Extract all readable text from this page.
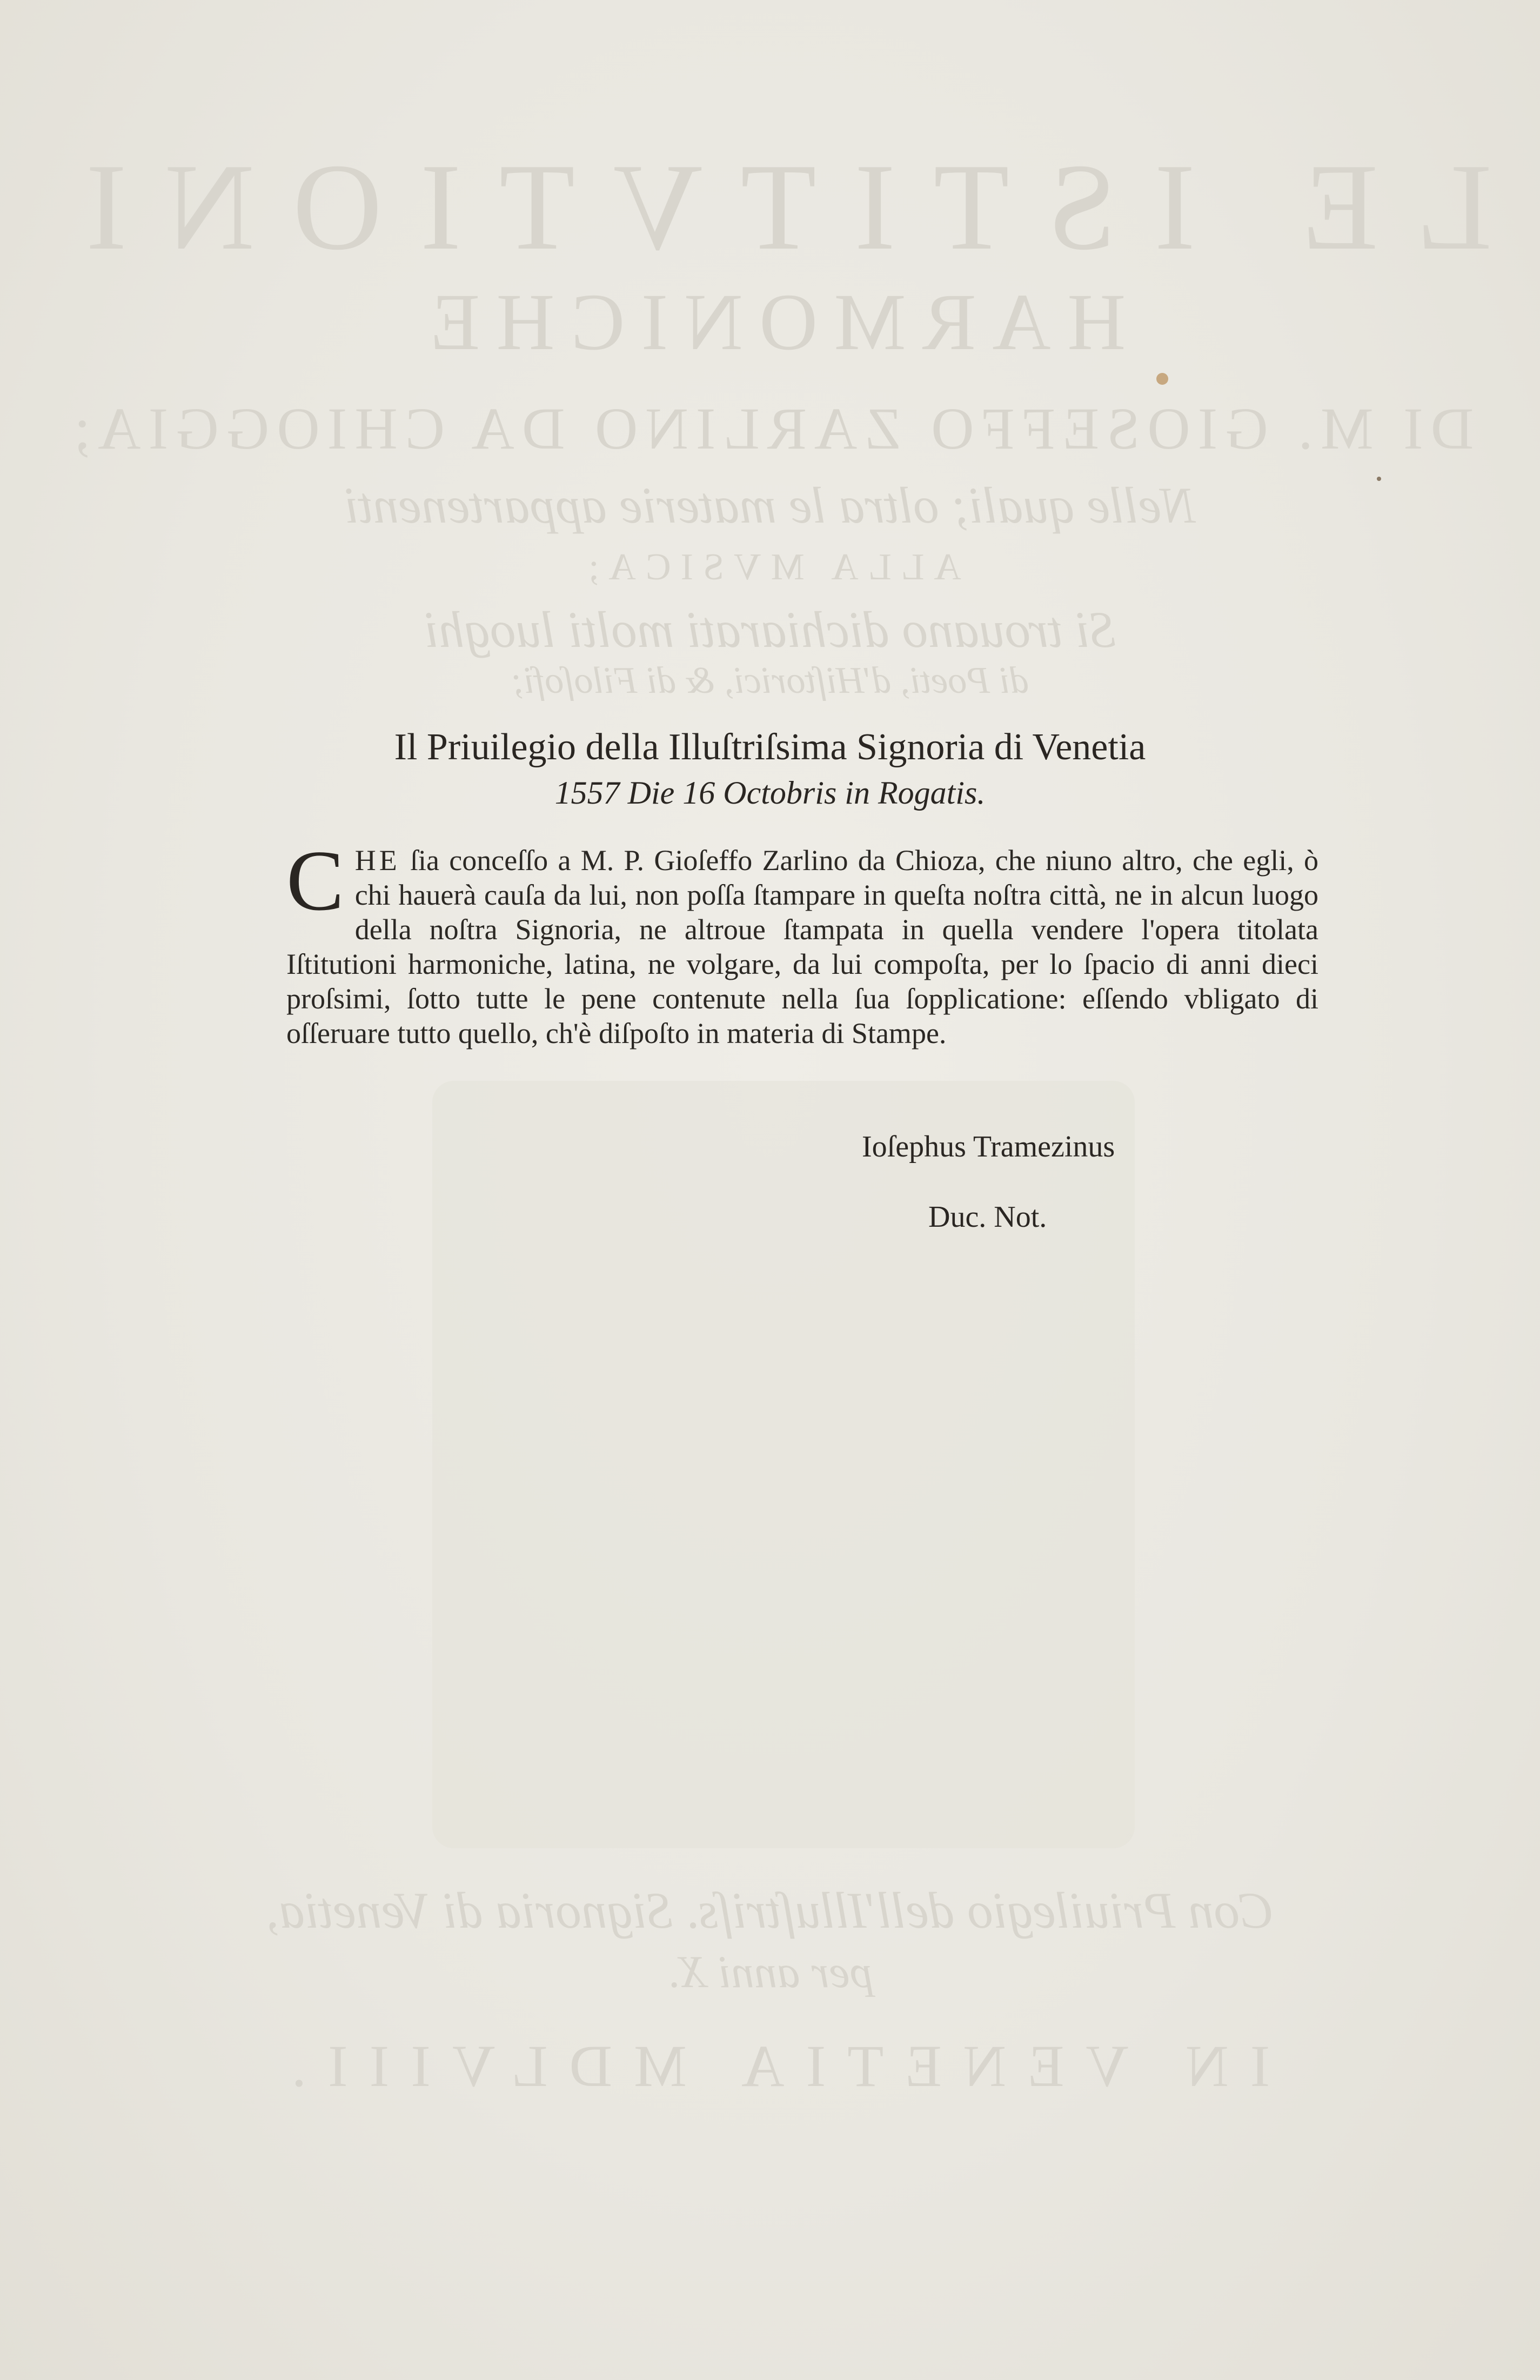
LE ISTITVTIONI
HARMONICHE
DI M. GIOSEFFO ZARLINO DA CHIOGGIA;
Nelle quali; oltra le materie appartenenti
ALLA MVSICA;
Si trouano dichiarati molti luoghi
di Poeti, d'Hiſtorici, & di Filoſofi;
Con Priuilegio dell'Illuſtriſs. Signoria di Venetia,
per anni X.
IN VENETIA MDLVIII.
Il Priuilegio della Illuſtriſsima Signoria di Venetia
1557 Die 16 Octobris in Rogatis.
C HE ſia conceſſo a M. P. Gioſeffo Zarlino da Chioza, che niuno altro, che egli, ò chi hauerà cauſa da lui, non poſſa ſtampare in queſta noſtra città, ne in alcun luogo della noſtra Signoria, ne altroue ſtampata in quella vendere l'opera titolata Iſtitutioni harmoniche, latina, ne volgare, da lui compoſta, per lo ſpacio di anni dieci proſsimi, ſotto tutte le pene contenute nella ſua ſopplicatione: eſſendo vbligato di oſſeruare tutto quello, ch'è diſpoſto in materia di Stampe.
Ioſephus Tramezinus
Duc. Not.
